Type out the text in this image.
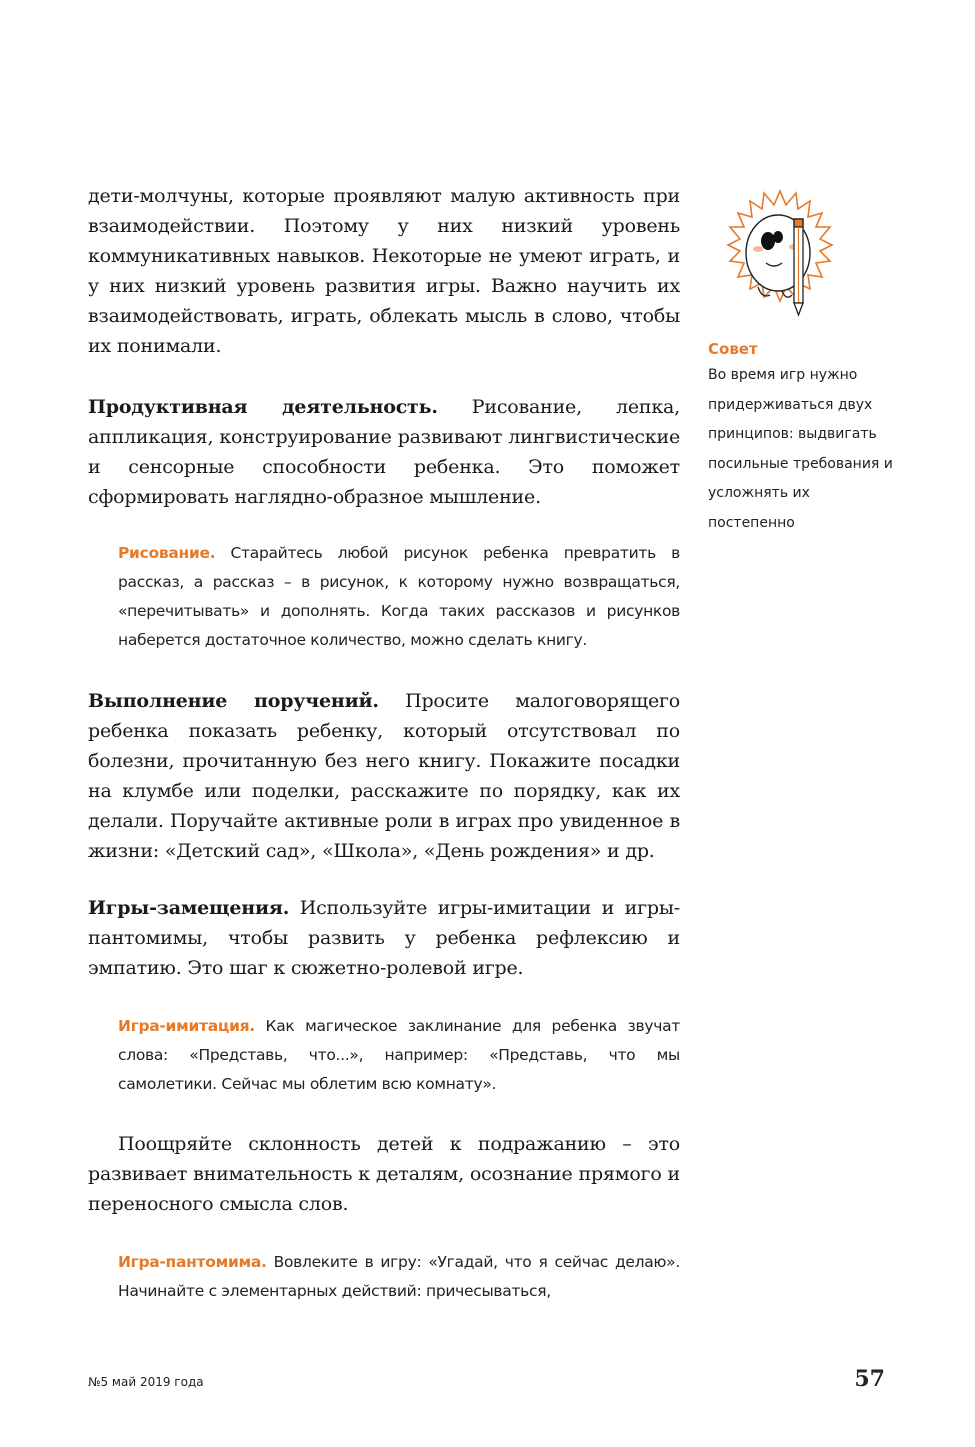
дети-молчуны, которые проявляют малую активность при взаимодействии. Поэтому у них низкий уровень коммуникативных навыков. Некоторые не умеют играть, и у них низкий уровень развития игры. Важно научить их взаимодействовать, играть, облекать мысль в слово, чтобы их понимали.

Продуктивная деятельность. Рисование, лепка, аппликация, конструирование развивают лингвистические и сенсорные способности ребенка. Это поможет сформировать наглядно-образное мышление.

Рисование. Старайтесь любой рисунок ребенка превратить в рассказ, а рассказ – в рисунок, к которому нужно возвращаться, «перечитывать» и дополнять. Когда таких рассказов и рисунков наберется достаточное количество, можно сделать книгу.

Выполнение поручений. Просите малоговорящего ребенка показать ребенку, который отсутствовал по болезни, прочитанную без него книгу. Покажите посадки на клумбе или поделки, расскажите по порядку, как их делали. Поручайте активные роли в играх про увиденное в жизни: «Детский сад», «Школа», «День рождения» и др.

Игры-замещения. Используйте игры-имитации и игры-пантомимы, чтобы развить у ребенка рефлексию и эмпатию. Это шаг к сюжетно-ролевой игре.

Игра-имитация. Как магическое заклинание для ребенка звучат слова: «Представь, что...», например: «Представь, что мы самолетики. Сейчас мы облетим всю комнату».

Поощряйте склонность детей к подражанию – это развивает внимательность к деталям, осознание прямого и переносного смысла слов.

Игра-пантомима. Вовлеките в игру: «Угадай, что я сейчас делаю». Начинайте с элементарных действий: причесываться,
Совет
Во время игр нужно придерживаться двух принципов: выдвигать посильные требования и усложнять их постепенно
№5 май 2019 года	57
